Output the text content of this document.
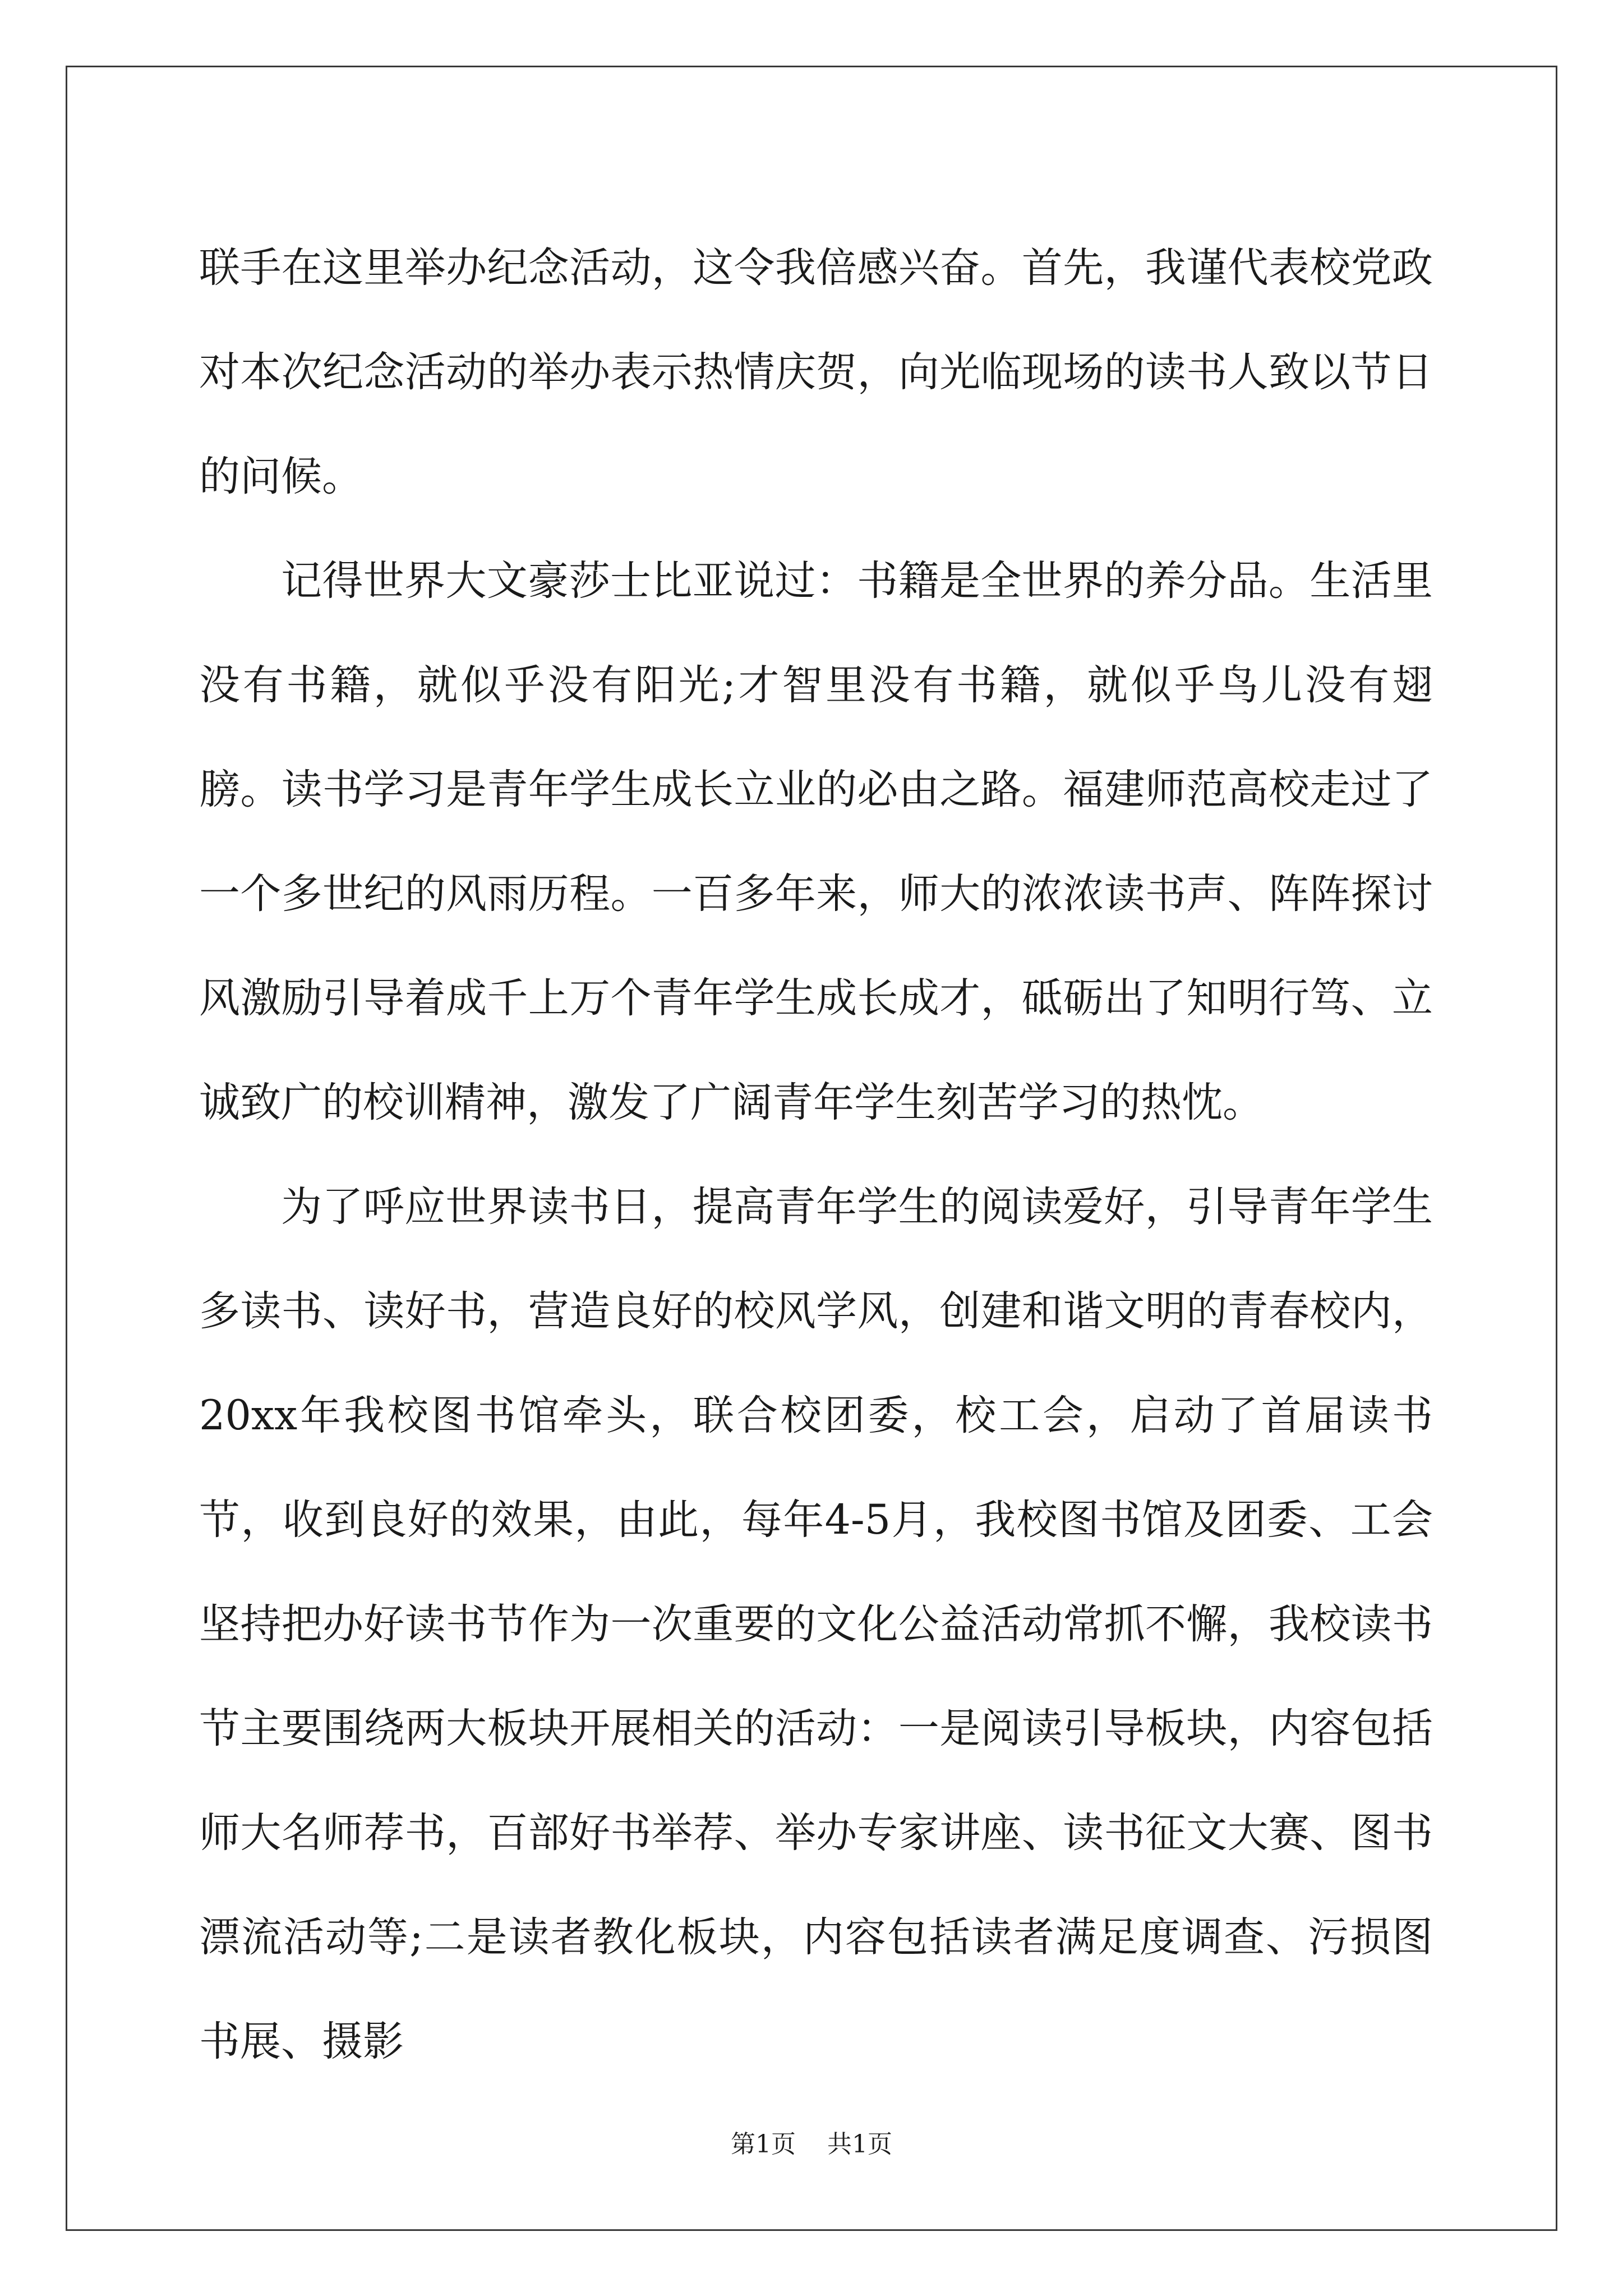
联手在这里举办纪念活动，这令我倍感兴奋。首先，我谨代表校党政对本次纪念活动的举办表示热情庆贺，向光临现场的读书人致以节日的问候。

记得世界大文豪莎士比亚说过：书籍是全世界的养分品。生活里没有书籍，就似乎没有阳光;才智里没有书籍，就似乎鸟儿没有翅膀。读书学习是青年学生成长立业的必由之路。福建师范高校走过了一个多世纪的风雨历程。一百多年来，师大的浓浓读书声、阵阵探讨风激励引导着成千上万个青年学生成长成才，砥砺出了知明行笃、立诚致广的校训精神，激发了广阔青年学生刻苦学习的热忱。

为了呼应世界读书日，提高青年学生的阅读爱好，引导青年学生多读书、读好书，营造良好的校风学风，创建和谐文明的青春校内，20xx年我校图书馆牵头，联合校团委，校工会，启动了首届读书节，收到良好的效果，由此，每年4-5月，我校图书馆及团委、工会坚持把办好读书节作为一次重要的文化公益活动常抓不懈，我校读书节主要围绕两大板块开展相关的活动：一是阅读引导板块，内容包括师大名师荐书，百部好书举荐、举办专家讲座、读书征文大赛、图书漂流活动等;二是读者教化板块，内容包括读者满足度调查、污损图书展、摄影

第1页 共1页
